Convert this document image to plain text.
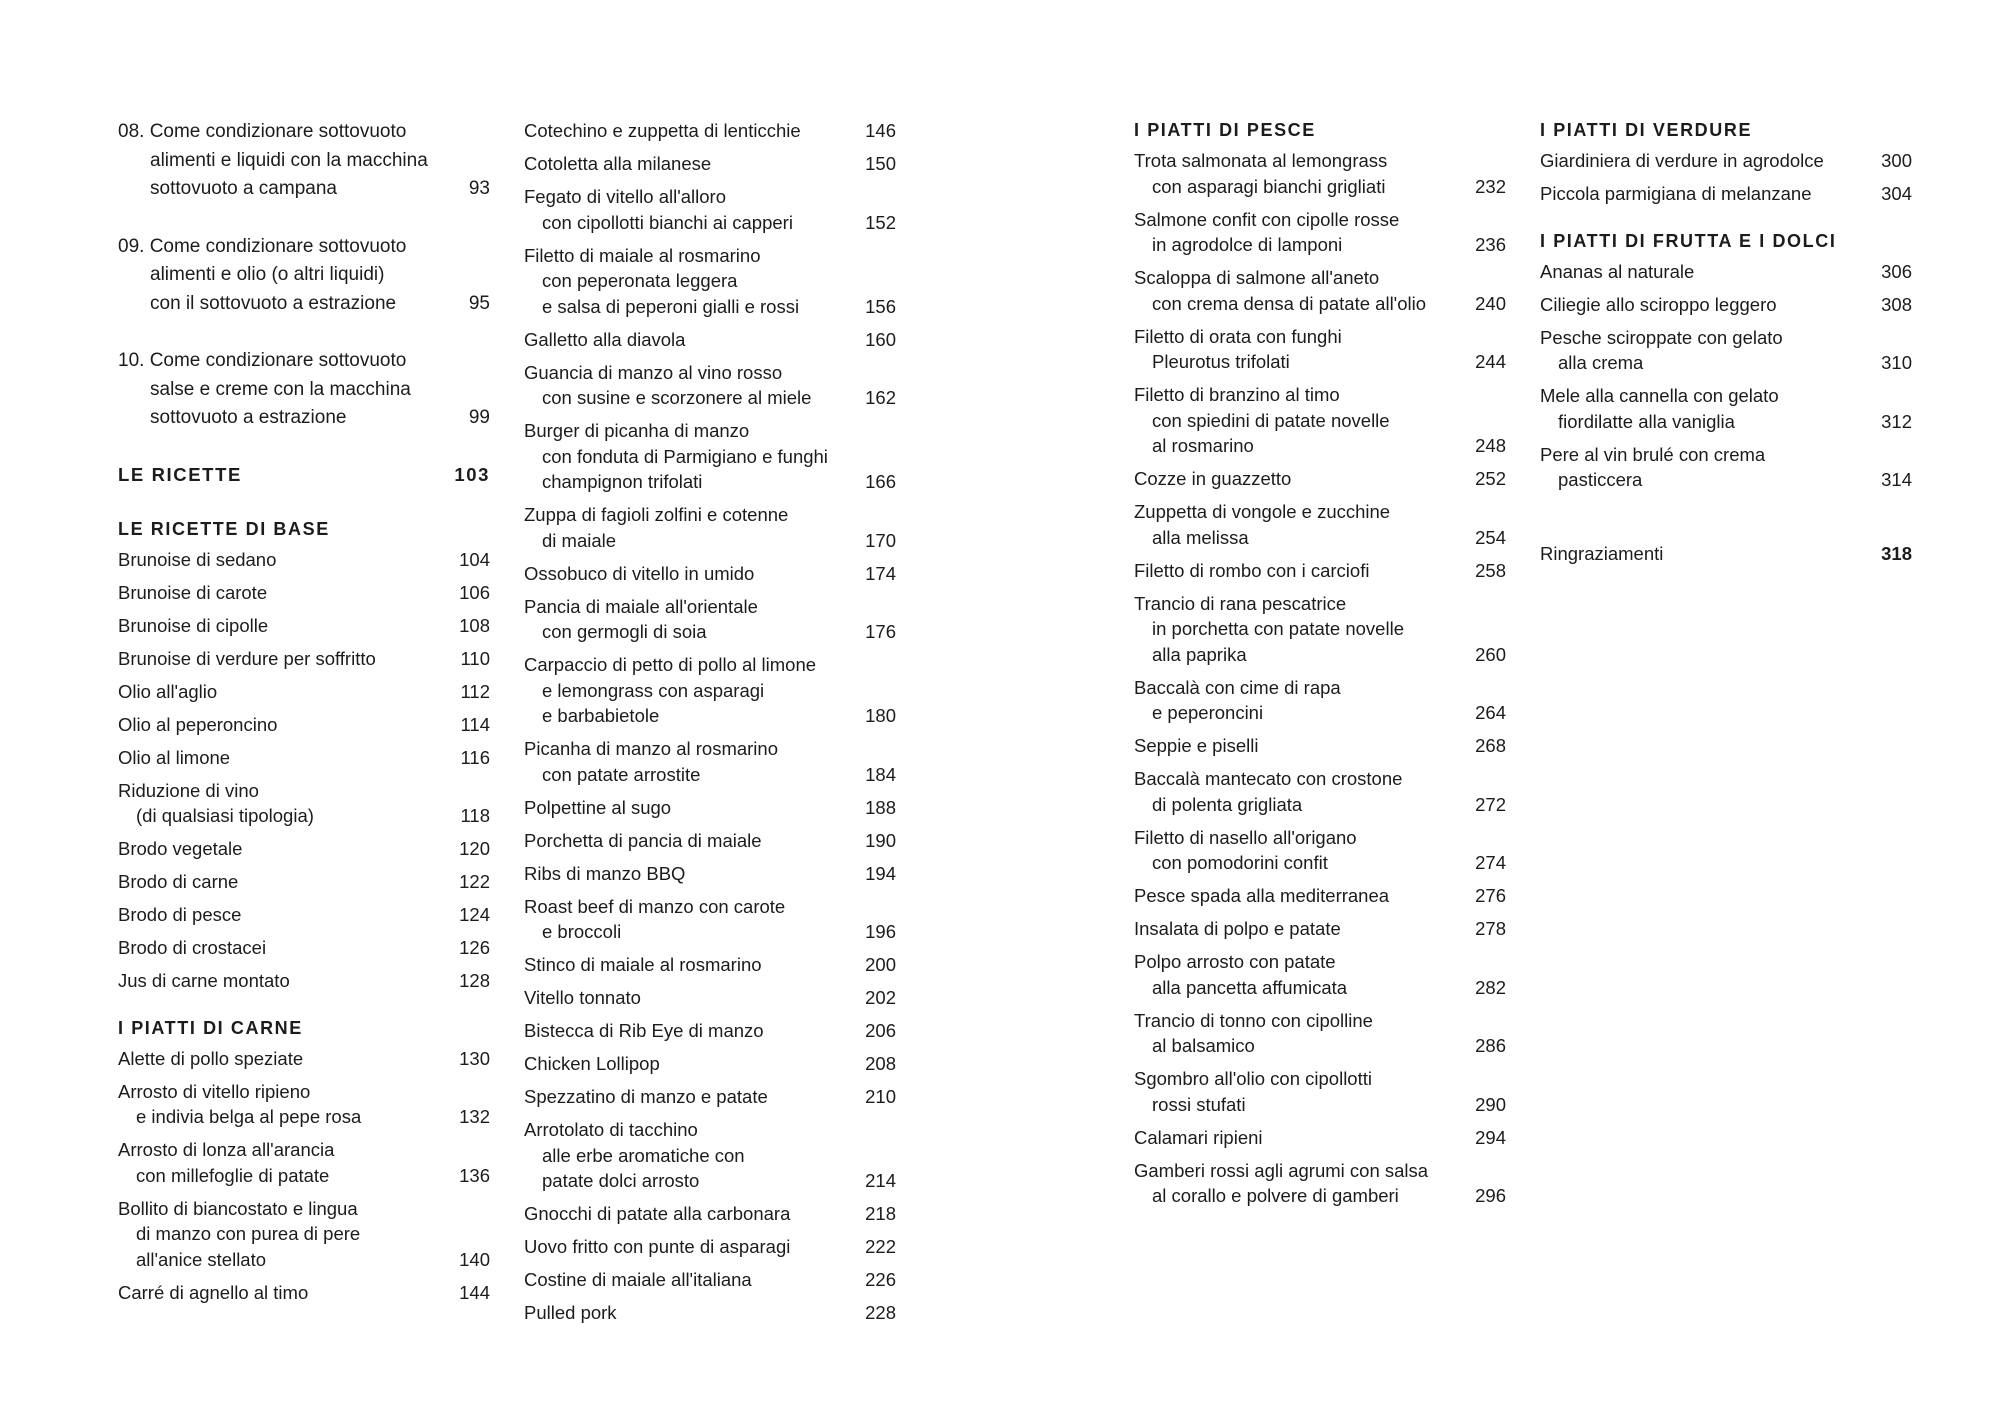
08. Come condizionare sottovuoto
alimenti e liquidi con la macchina
sottovuoto a campana	93
09. Come condizionare sottovuoto
alimenti e olio (o altri liquidi)
con il sottovuoto a estrazione	95
10. Come condizionare sottovuoto
salse e creme con la macchina
sottovuoto a estrazione	99
LE RICETTE	103
LE RICETTE DI BASE
Brunoise di sedano	104
Brunoise di carote	106
Brunoise di cipolle	108
Brunoise di verdure per soffritto	110
Olio all'aglio	112
Olio al peperoncino	114
Olio al limone	116
Riduzione di vino
(di qualsiasi tipologia)	118
Brodo vegetale	120
Brodo di carne	122
Brodo di pesce	124
Brodo di crostacei	126
Jus di carne montato	128
I PIATTI DI CARNE
Alette di pollo speziate	130
Arrosto di vitello ripieno
e indivia belga al pepe rosa	132
Arrosto di lonza all'arancia
con millefoglie di patate	136
Bollito di biancostato e lingua
di manzo con purea di pere
all'anice stellato	140
Carré di agnello al timo	144
Cotechino e zuppetta di lenticchie	146
Cotoletta alla milanese	150
Fegato di vitello all'alloro
con cipollotti bianchi ai capperi	152
Filetto di maiale al rosmarino
con peperonata leggera
e salsa di peperoni gialli e rossi	156
Galletto alla diavola	160
Guancia di manzo al vino rosso
con susine e scorzonere al miele	162
Burger di picanha di manzo
con fonduta di Parmigiano e funghi
champignon trifolati	166
Zuppa di fagioli zolfini e cotenne
di maiale	170
Ossobuco di vitello in umido	174
Pancia di maiale all'orientale
con germogli di soia	176
Carpaccio di petto di pollo al limone
e lemongrass con asparagi
e barbabietole	180
Picanha di manzo al rosmarino
con patate arrostite	184
Polpettine al sugo	188
Porchetta di pancia di maiale	190
Ribs di manzo BBQ	194
Roast beef di manzo con carote
e broccoli	196
Stinco di maiale al rosmarino	200
Vitello tonnato	202
Bistecca di Rib Eye di manzo	206
Chicken Lollipop	208
Spezzatino di manzo e patate	210
Arrotolato di tacchino
alle erbe aromatiche con
patate dolci arrosto	214
Gnocchi di patate alla carbonara	218
Uovo fritto con punte di asparagi	222
Costine di maiale all'italiana	226
Pulled pork	228
I PIATTI DI PESCE
Trota salmonata al lemongrass
con asparagi bianchi grigliati	232
Salmone confit con cipolle rosse
in agrodolce di lamponi	236
Scaloppa di salmone all'aneto
con crema densa di patate all'olio	240
Filetto di orata con funghi
Pleurotus trifolati	244
Filetto di branzino al timo
con spiedini di patate novelle
al rosmarino	248
Cozze in guazzetto	252
Zuppetta di vongole e zucchine
alla melissa	254
Filetto di rombo con i carciofi	258
Trancio di rana pescatrice
in porchetta con patate novelle
alla paprika	260
Baccalà con cime di rapa
e peperoncini	264
Seppie e piselli	268
Baccalà mantecato con crostone
di polenta grigliata	272
Filetto di nasello all'origano
con pomodorini confit	274
Pesce spada alla mediterranea	276
Insalata di polpo e patate	278
Polpo arrosto con patate
alla pancetta affumicata	282
Trancio di tonno con cipolline
al balsamico	286
Sgombro all'olio con cipollotti
rossi stufati	290
Calamari ripieni	294
Gamberi rossi agli agrumi con salsa
al corallo e polvere di gamberi	296
I PIATTI DI VERDURE
Giardiniera di verdure in agrodolce	300
Piccola parmigiana di melanzane	304
I PIATTI DI FRUTTA E I DOLCI
Ananas al naturale	306
Ciliegie allo sciroppo leggero	308
Pesche sciroppate con gelato
alla crema	310
Mele alla cannella con gelato
fiordilatte alla vaniglia	312
Pere al vin brulé con crema
pasticcera	314
Ringraziamenti	318
